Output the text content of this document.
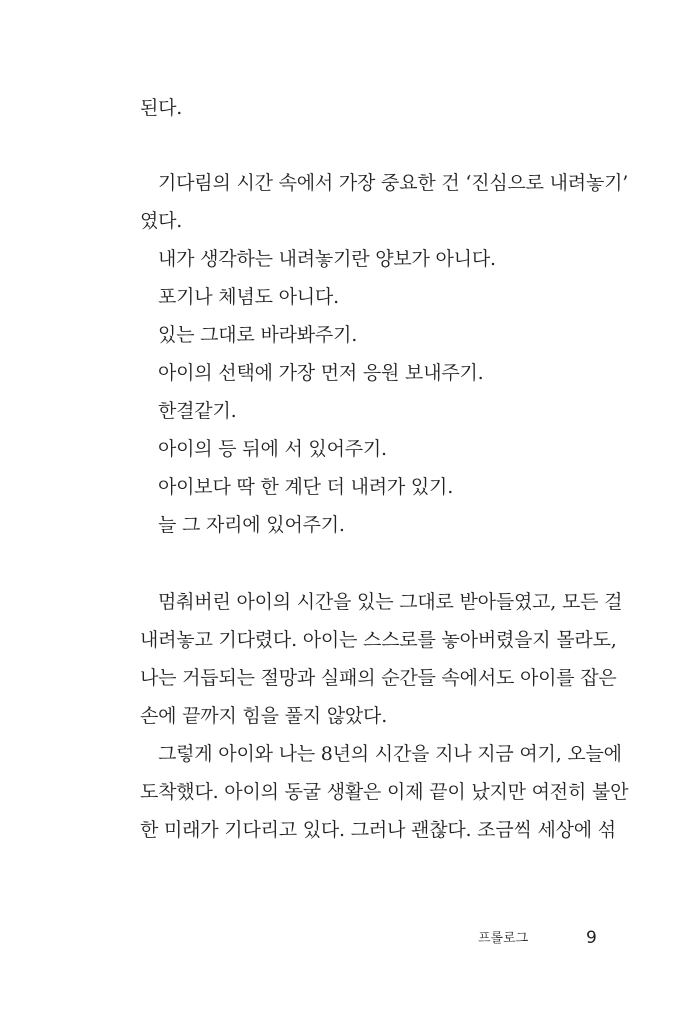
된다.
기다림의 시간 속에서 가장 중요한 건 ‘진심으로 내려놓기’
였다.
내가 생각하는 내려놓기란 양보가 아니다.
포기나 체념도 아니다.
있는 그대로 바라봐주기.
아이의 선택에 가장 먼저 응원 보내주기.
한결같기.
아이의 등 뒤에 서 있어주기.
아이보다 딱 한 계단 더 내려가 있기.
늘 그 자리에 있어주기.
멈춰버린 아이의 시간을 있는 그대로 받아들였고, 모든 걸
내려놓고 기다렸다. 아이는 스스로를 놓아버렸을지 몰라도,
나는 거듭되는 절망과 실패의 순간들 속에서도 아이를 잡은
손에 끝까지 힘을 풀지 않았다.
그렇게 아이와 나는 8년의 시간을 지나 지금 여기, 오늘에
도착했다. 아이의 동굴 생활은 이제 끝이 났지만 여전히 불안
한 미래가 기다리고 있다. 그러나 괜찮다. 조금씩 세상에 섞
프롤로그	9
